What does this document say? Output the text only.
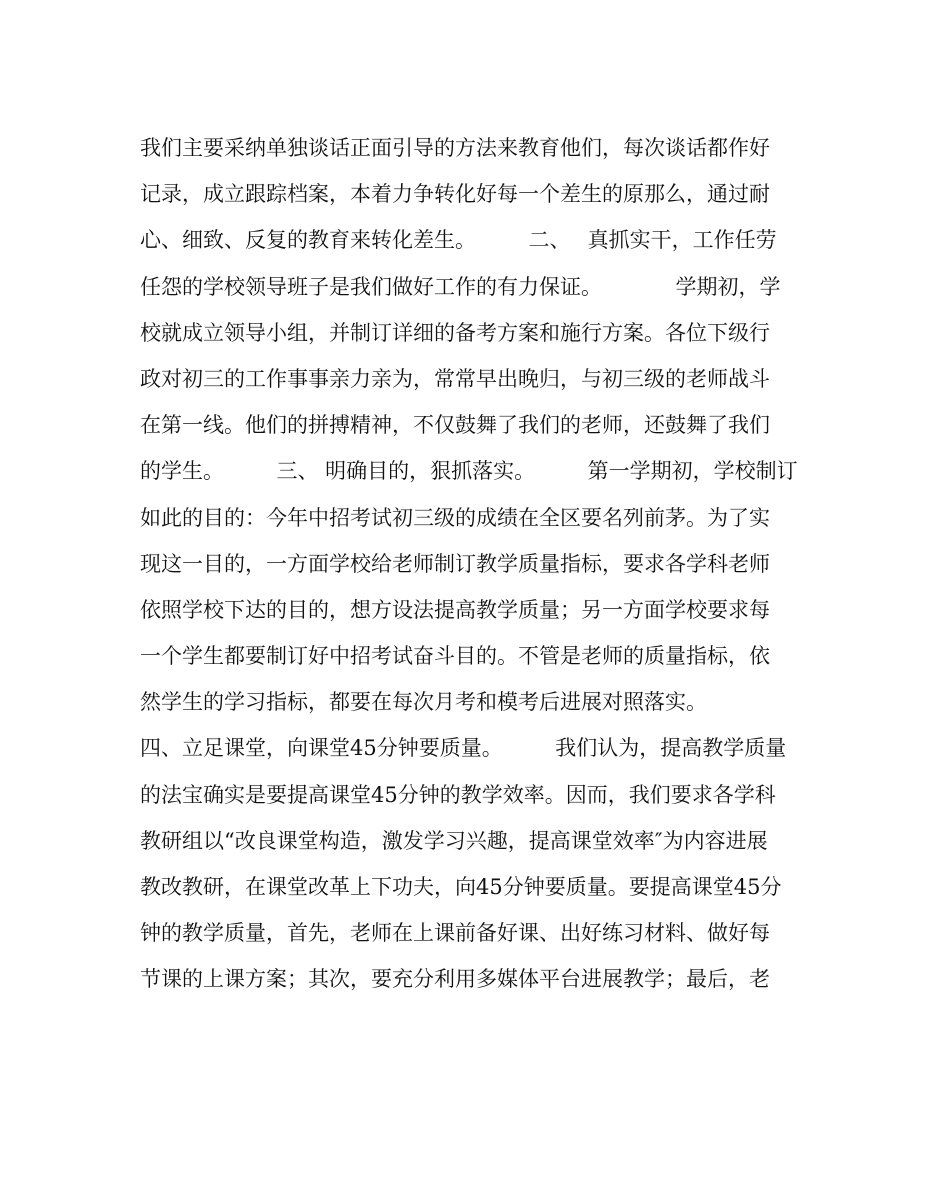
我们主要采纳单独谈话正面引导的方法来教育他们，每次谈话都作好
记录，成立跟踪档案，本着力争转化好每一个差生的原那么，通过耐
心、细致、反复的教育来转化差生。　　　二、　 真抓实干，工作任劳
任怨的学校领导班子是我们做好工作的有力保证。　　　　学期初，学
校就成立领导小组，并制订详细的备考方案和施行方案。各位下级行
政对初三的工作事事亲力亲为，常常早出晚归，与初三级的老师战斗
在第一线。他们的拼搏精神，不仅鼓舞了我们的老师，还鼓舞了我们
的学生。　　　三、 明确目的，狠抓落实。　　　第一学期初，学校制订
如此的目的：今年中招考试初三级的成绩在全区要名列前茅。为了实
现这一目的，一方面学校给老师制订教学质量指标，要求各学科老师
依照学校下达的目的，想方设法提高教学质量；另一方面学校要求每
一个学生都要制订好中招考试奋斗目的。不管是老师的质量指标，依
然学生的学习指标，都要在每次月考和模考后进展对照落实。
四、立足课堂，向课堂45分钟要质量。　　　我们认为，提高教学质量
的法宝确实是要提高课堂45分钟的教学效率。因而，我们要求各学科
教研组以“改良课堂构造，激发学习兴趣，提高课堂效率″为内容进展
教改教研，在课堂改革上下功夫，向45分钟要质量。要提高课堂45分
钟的教学质量，首先，老师在上课前备好课、出好练习材料、做好每
节课的上课方案；其次，要充分利用多媒体平台进展教学；最后，老
